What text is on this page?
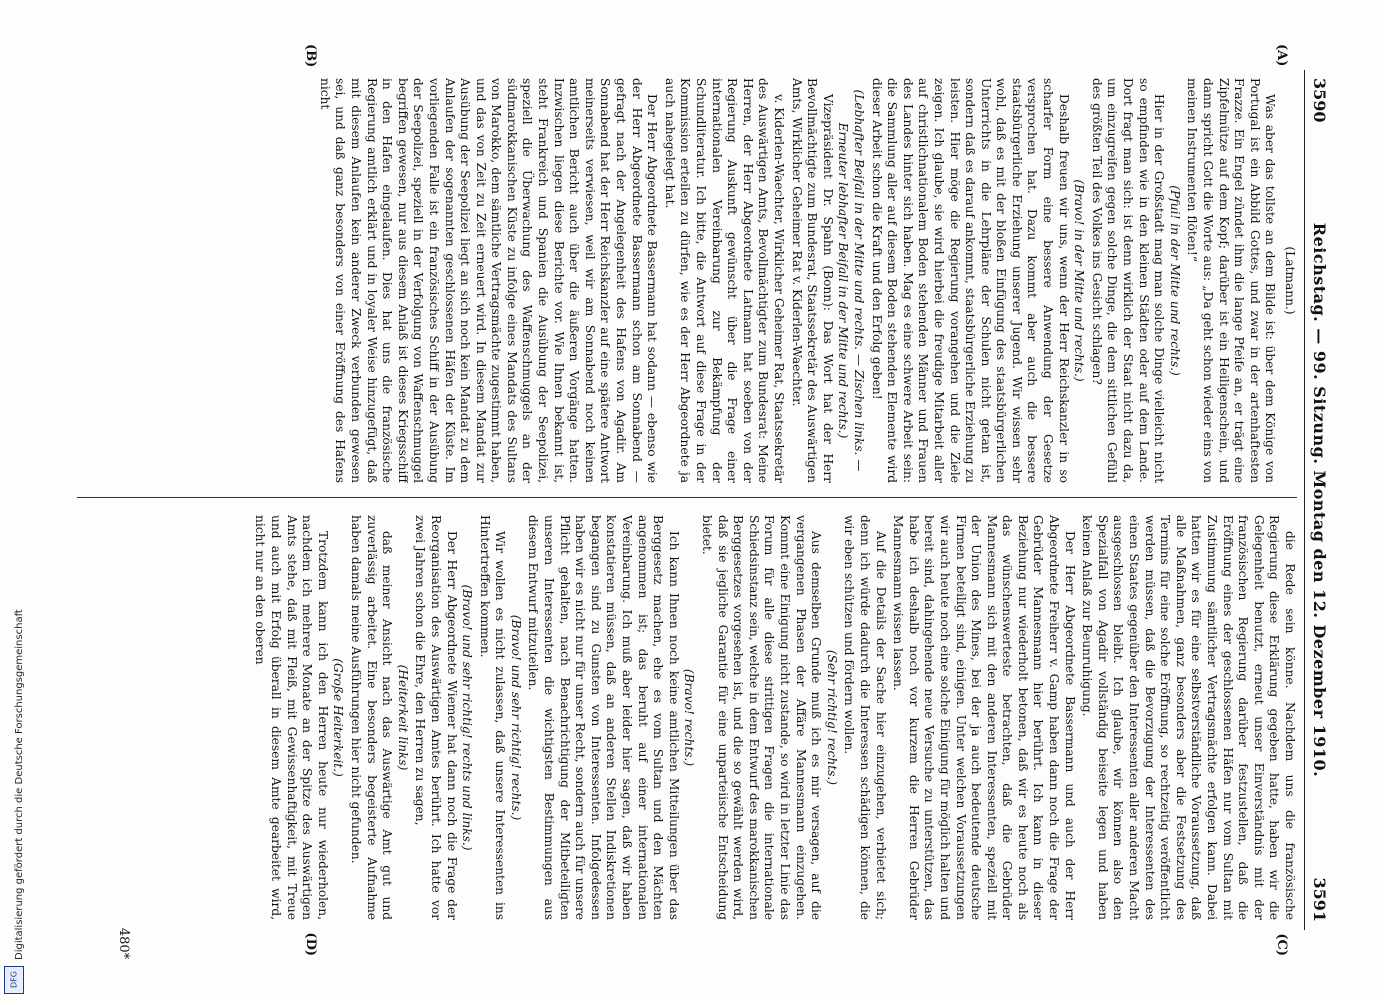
3590
Reichstag. — 99. Sitzung. Montag den 12. Dezember 1910.
3591
(A)
(B)
(C)
(D)
(Latmann.)

Was aber das tollste an dem Bilde ist: über dem Könige von Portugal ist ein Abbild Gottes, und zwar in der artenhaftesten Frazze. Ein Engel zündet ihm die lange Pfeife an, er trägt eine Zipfelmütze auf dem Kopf; darüber ist ein Heiligenschein, und dann spricht Gott die Worte aus: „Da geht schon wieder eins von meinen Instrumenten flöten!“

(Pfui! in der Mitte und rechts.)

Hier in der Großstadt mag man solche Dinge vielleicht nicht so empfinden wie in den kleinen Städten oder auf dem Lande. Dort fragt man sich: ist denn wirklich der Staat nicht dazu da, um einzugreifen gegen solche Dinge, die dem sittlichen Gefühl des größten Teil des Volkes ins Gesicht schlagen?

(Bravo! in der Mitte und rechts.)

Deshalb freuen wir uns, wenn der Herr Reichskanzler in so scharfer Form eine bessere Anwendung der Gesetze versprochen hat. Dazu kommt aber auch die bessere staatsbürgerliche Erziehung unserer Jugend. Wir wissen sehr wohl, daß es mit der bloßen Einfügung des staatsbürgerlichen Unterrichts in die Lehrpläne der Schulen nicht getan ist, sondern daß es darauf ankommt, staatsbürgerliche Erziehung zu leisten. Hier möge die Regierung vorangehen und die Ziele zeigen. Ich glaube, sie wird hierbei die freudige Mitarbeit aller auf christlichnationalem Boden stehenden Männer und Frauen des Landes hinter sich haben. Mag es eine schwere Arbeit sein: die Sammlung aller auf diesem Boden stehenden Elemente wird dieser Arbeit schon die Kraft und den Erfolg geben!

(Lebhafter Beifall in der Mitte und rechts. — Zischen links. — Erneuter lebhafter Beifall in der Mitte und rechts.)

Vizepräsident Dr. Spahn (Bonn): Das Wort hat der Herr Bevollmächtigte zum Bundesrat, Staatssekretär des Auswärtigen Amts, Wirklicher Geheimer Rat v. Kiderlen-Waechter.

v. Kiderlen-Waechter, Wirklicher Geheimer Rat, Staatssekretär des Auswärtigen Amts, Bevollmächtigter zum Bundesrat: Meine Herren, der Herr Abgeordnete Latmann hat soeben von der Regierung Auskunft gewünscht über die Frage einer internationalen Vereinbarung zur Bekämpfung der Schundliteratur. Ich bitte, die Antwort auf diese Frage in der Kommission erteilen zu dürfen, wie es der Herr Abgeordnete ja auch nahegelegt hat.

Der Herr Abgeordnete Bassermann hat sodann — ebenso wie der Herr Abgeordnete Bassermann schon am Sonnabend — gefragt nach der Angelegenheit des Hafens von Agadir. Am Sonnabend hat der Herr Reichskanzler auf eine spätere Antwort meinerseits verwiesen, weil wir am Sonnabend noch keinen amtlichen Bericht auch über die äußeren Vorgänge hatten. Inzwischen liegen diese Berichte vor. Wie Ihnen bekannt ist, steht Frankreich und Spanien die Ausübung der Seepolizei, speziell die Überwachung des Waffenschmuggels an der südmarokkanischen Küste zu infolge eines Mandats des Sultans von Marokko, dem sämtliche Vertragsmächte zugestimmt haben, und das von Zeit zu Zeit erneuert wird. In diesem Mandat zur Ausübung der Seepolizei liegt an sich noch kein Mandat zu dem Anlaufen der sogenannten geschlossenen Häfen der Küste. Im vorliegenden Falle ist ein französisches Schiff in der Ausübung der Seepolizei, speziell in der Verfolgung von Waffenschmuggel begriffen gewesen, nur aus diesem Anlaß ist dieses Kriegsschiff in den Hafen eingelaufen. Dies hat uns die französische Regierung amtlich erklärt und in loyaler Weise hinzugefügt, daß mit diesem Anlaufen kein anderer Zweck verbunden gewesen sei, und daß ganz besonders von einer Eröffnung des Hafens nicht

die Rede sein könne. Nachdem uns die französische Regierung diese Erklärung gegeben hatte, haben wir die Gelegenheit benutzt, erneut unser Einverständnis mit der französischen Regierung darüber festzustellen, daß die Eröffnung eines der geschlossenen Häfen nur vom Sultan mit Zustimmung sämtlicher Vertragsmächte erfolgen kann. Dabei hatten wir es für eine selbstverständliche Voraussetzung, daß alle Maßnahmen, ganz besonders aber die Festsetzung des Termins für eine solche Eröffnung, so rechtzeitig veröffentlicht werden müssen, daß die Bevorzugung der Interessenten des einen Staates gegenüber den Interessenten aller anderen Macht ausgeschlossen bleibt. Ich glaube, wir können also den Spezialfall von Agadir vollständig beiseite legen und haben keinen Anlaß zur Beunruhigung.

Der Herr Abgeordnete Bassermann und auch der Herr Abgeordnete Freiherr v. Gamp haben dann noch die Frage der Gebrüder Mannesmann hier berührt. Ich kann in dieser Beziehung nur wiederholt betonen, daß wir es heute noch als das wünschenswerteste betrachten, daß die Gebrüder Mannesmann sich mit den anderen Interessenten, speziell mit der Union des Mines, bei der ja auch bedeutende deutsche Firmen beteiligt sind, einigen. Unter welchen Voraussetzungen wir auch heute noch eine solche Einigung für möglich halten und bereit sind, dahingehende neue Versuche zu unterstützen, das habe ich deshalb noch vor kurzem die Herren Gebrüder Mannesmann wissen lassen.

Auf die Details der Sache hier einzugehen, verbietet sich; denn ich würde dadurch die Interessen schädigen können, die wir eben schützen und fördern wollen.

(Sehr richtig! rechts.)

Aus demselben Grunde muß ich es mir versagen, auf die vergangenen Phasen der Affäre Mannesmann einzugehen. Kommt eine Einigung nicht zustande, so wird in letzter Linie das Forum für alle diese strittigen Fragen die internationale Schiedsinstanz sein, welche in dem Entwurf des marokkanischen Berggesetzes vorgesehen ist, und die so gewählt werden wird, daß sie jegliche Garantie für eine unparteiische Entscheidung bietet.

(Bravo! rechts.)

Ich kann Ihnen noch keine amtlichen Mitteilungen über das Berggesetz machen, ehe es vom Sultan und den Mächten angenommen ist; das beruht auf einer internationalen Vereinbarung. Ich muß aber leider hier sagen, daß wir haben konstatieren müssen, daß an anderen Stellen Indiskretionen begangen sind zu Gunsten von Interessenten. Infolgedessen haben wir es nicht nur für unser Recht, sondern auch für unsere Pflicht gehalten, nach Benachrichtigung der Mitbeteiligten unseren Interessenten die wichtigsten Bestimmungen aus diesem Entwurf mitzuteilen.

(Bravo! und sehr richtig! rechts.)

Wir wollen es nicht zulassen, daß unsere Interessenten ins Hintertreffen kommen.

(Bravo! und sehr richtig! rechts und links.)

Der Herr Abgeordnete Wiemer hat dann noch die Frage der Reorganisation des Auswärtigen Amtes berührt. Ich hatte vor zwei Jahren schon die Ehre, den Herren zu sagen,

(Heiterkeit links)

daß meiner Ansicht nach das Auswärtige Amt gut und zuverlässig arbeitet. Eine besonders begeisterte Aufnahme haben damals meine Ausführungen hier nicht gefunden.

(Große Heiterkeit.)

Trotzdem kann ich den Herren heute nur wiederholen, nachdem ich mehrere Monate an der Spitze des Auswärtigen Amts stehe, daß mit Fleiß, mit Gewissenhaftigkeit, mit Treue und auch mit Erfolg überall in diesem Amte gearbeitet wird, nicht nur an den oberen

480*
Digitalisierung gefördert durch die Deutsche Forschungsgemeinschaft
DFG
